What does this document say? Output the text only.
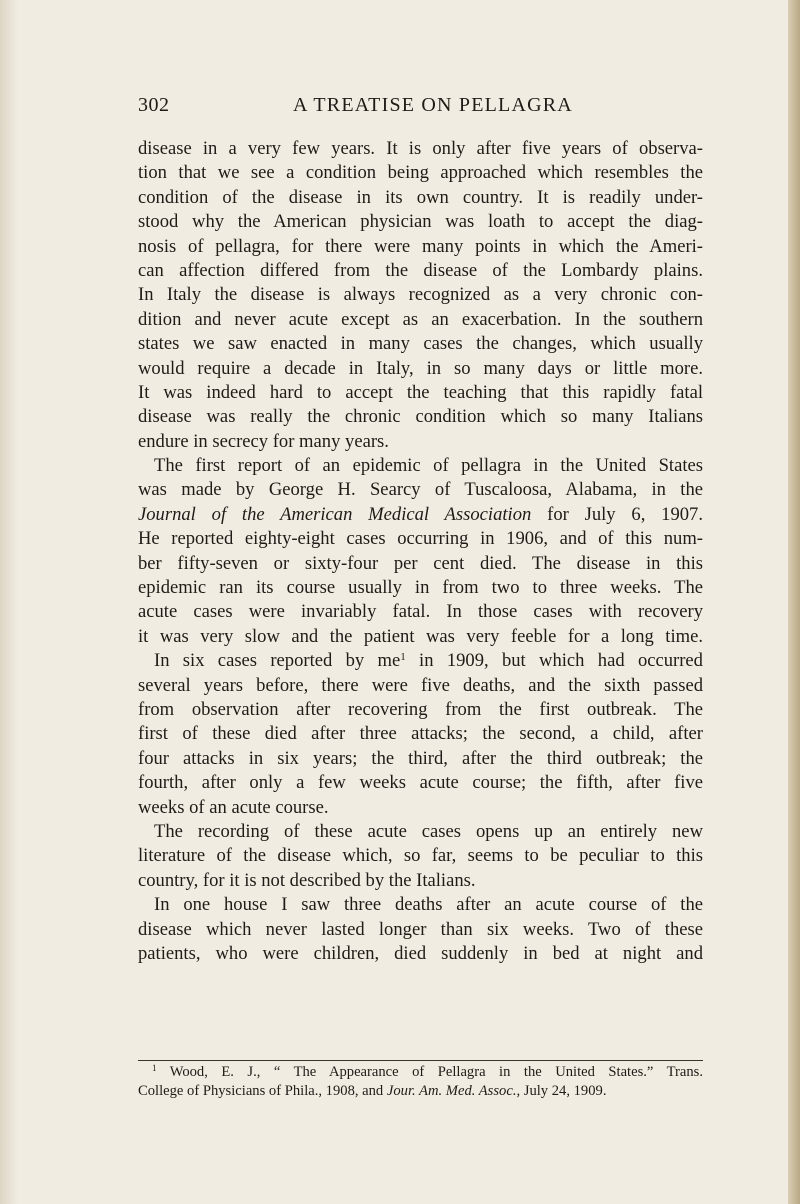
302	A TREATISE ON PELLAGRA
disease in a very few years. It is only after five years of observa-
tion that we see a condition being approached which resembles the
condition of the disease in its own country. It is readily under-
stood why the American physician was loath to accept the diag-
nosis of pellagra, for there were many points in which the Ameri-
can affection differed from the disease of the Lombardy plains.
In Italy the disease is always recognized as a very chronic con-
dition and never acute except as an exacerbation. In the southern
states we saw enacted in many cases the changes, which usually
would require a decade in Italy, in so many days or little more.
It was indeed hard to accept the teaching that this rapidly fatal
disease was really the chronic condition which so many Italians
endure in secrecy for many years.
The first report of an epidemic of pellagra in the United States
was made by George H. Searcy of Tuscaloosa, Alabama, in the
Journal of the American Medical Association for July 6, 1907.
He reported eighty-eight cases occurring in 1906, and of this num-
ber fifty-seven or sixty-four per cent died. The disease in this
epidemic ran its course usually in from two to three weeks. The
acute cases were invariably fatal. In those cases with recovery
it was very slow and the patient was very feeble for a long time.
In six cases reported by $me^1$ in 1909, but which had occurred
several years before, there were five deaths, and the sixth passed
from observation after recovering from the first outbreak. The
first of these died after three attacks; the second, a child, after
four attacks in six years; the third, after the third outbreak; the
fourth, after only a few weeks acute course; the fifth, after five
weeks of an acute course.
The recording of these acute cases opens up an entirely new
literature of the disease which, so far, seems to be peculiar to this
country, for it is not described by the Italians.
In one house I saw three deaths after an acute course of the
disease which never lasted longer than six weeks. Two of these
patients, who were children, died suddenly in bed at night and
$^1$ Wood, E. J., “ The Appearance of Pellagra in the United States.” Trans.
College of Physicians of Phila., 1908, and Jour. Am. Med. Assoc., July 24, 1909.
